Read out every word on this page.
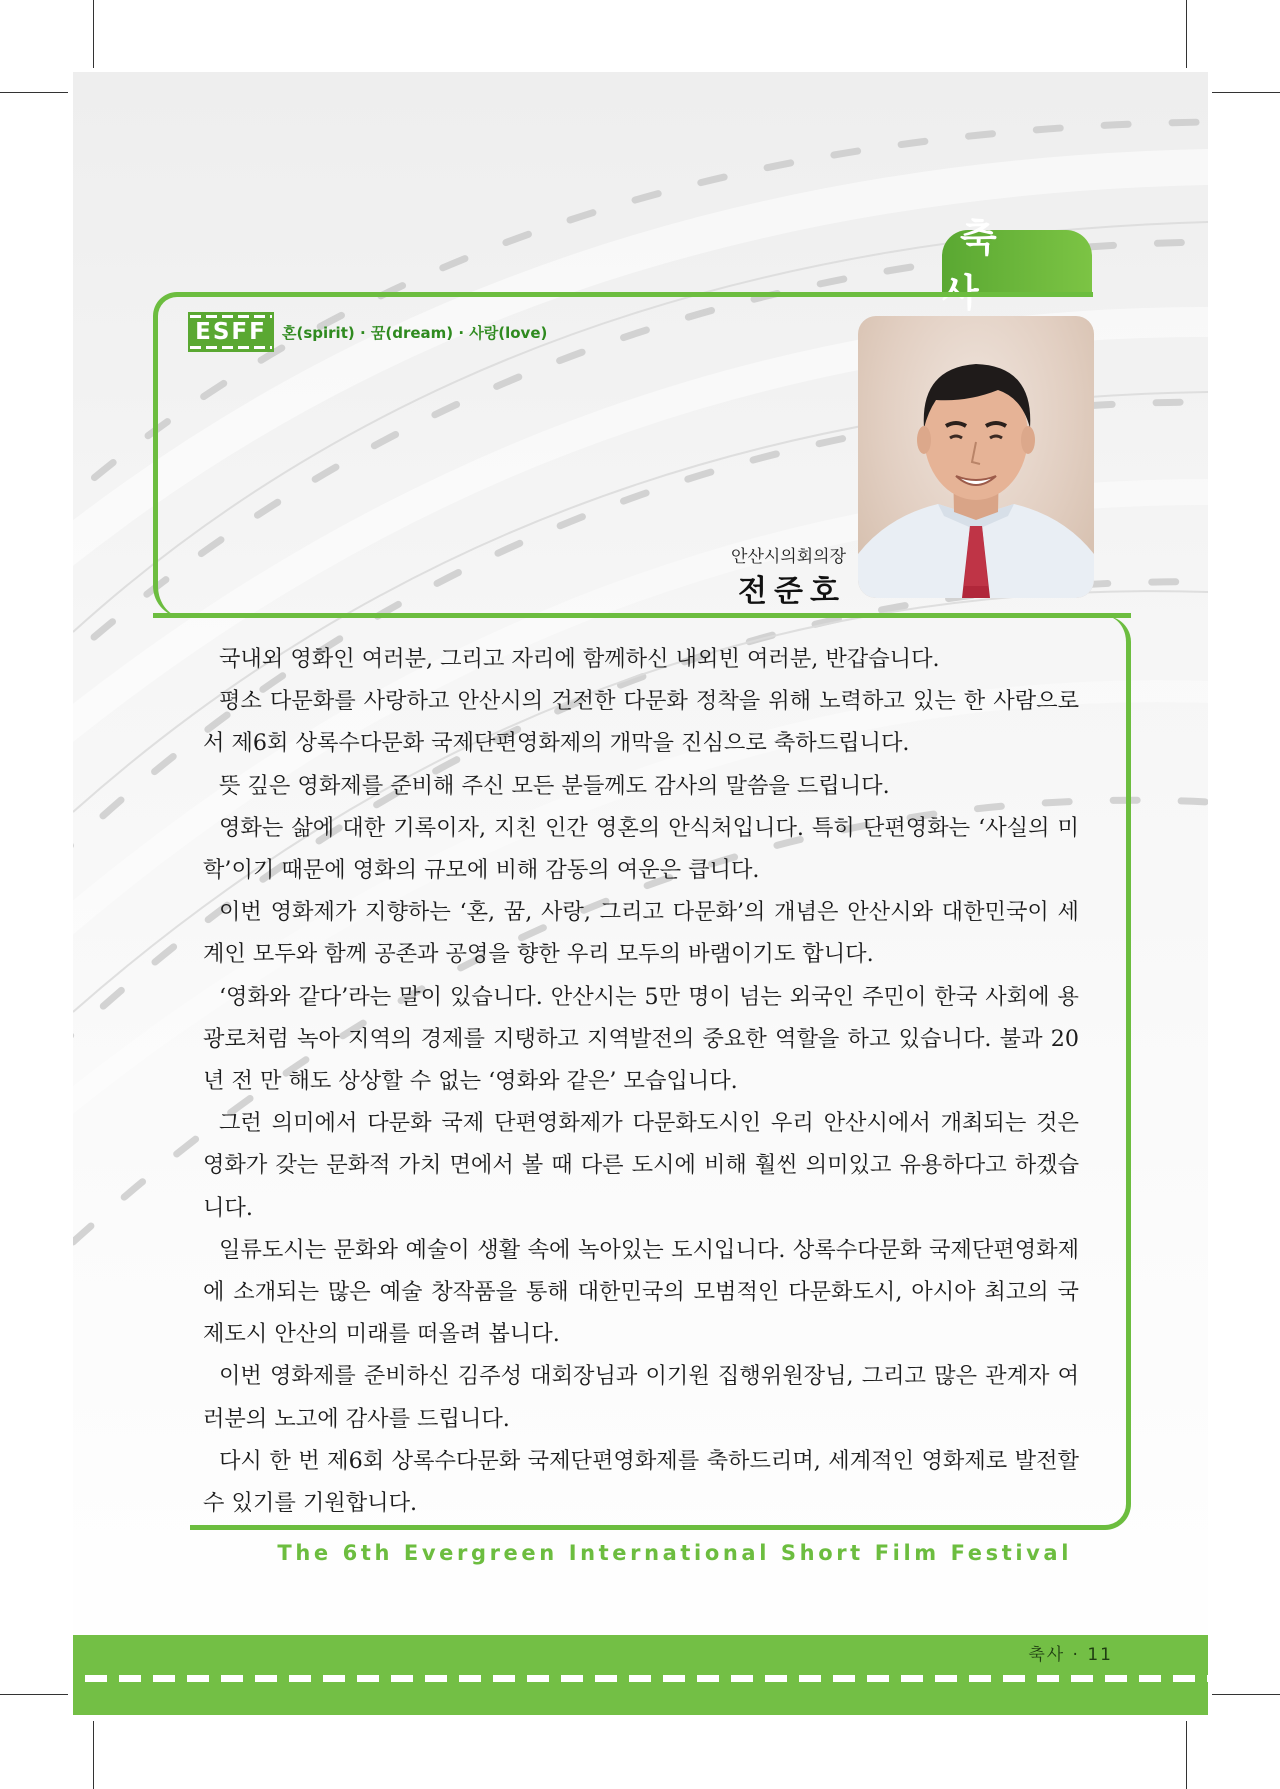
축사
ESFF	혼(spirit) · 꿈(dream) · 사랑(love)
안산시의회의장
전준호

국내외 영화인 여러분, 그리고 자리에 함께하신 내외빈 여러분, 반갑습니다.

평소 다문화를 사랑하고 안산시의 건전한 다문화 정착을 위해 노력하고 있는 한 사람으로서 제6회 상록수다문화 국제단편영화제의 개막을 진심으로 축하드립니다.

뜻 깊은 영화제를 준비해 주신 모든 분들께도 감사의 말씀을 드립니다.

영화는 삶에 대한 기록이자, 지친 인간 영혼의 안식처입니다. 특히 단편영화는 ‘사실의 미학’이기 때문에 영화의 규모에 비해 감동의 여운은 큽니다.

이번 영화제가 지향하는 ‘혼, 꿈, 사랑, 그리고 다문화’의 개념은 안산시와 대한민국이 세계인 모두와 함께 공존과 공영을 향한 우리 모두의 바램이기도 합니다.

‘영화와 같다’라는 말이 있습니다. 안산시는 5만 명이 넘는 외국인 주민이 한국 사회에 용광로처럼 녹아 지역의 경제를 지탱하고 지역발전의 중요한 역할을 하고 있습니다. 불과 20년 전 만 해도 상상할 수 없는 ‘영화와 같은’ 모습입니다.

그런 의미에서 다문화 국제 단편영화제가 다문화도시인 우리 안산시에서 개최되는 것은 영화가 갖는 문화적 가치 면에서 볼 때 다른 도시에 비해 훨씬 의미있고 유용하다고 하겠습니다.

일류도시는 문화와 예술이 생활 속에 녹아있는 도시입니다. 상록수다문화 국제단편영화제에 소개되는 많은 예술 창작품을 통해 대한민국의 모범적인 다문화도시, 아시아 최고의 국제도시 안산의 미래를 떠올려 봅니다.

이번 영화제를 준비하신 김주성 대회장님과 이기원 집행위원장님, 그리고 많은 관계자 여러분의 노고에 감사를 드립니다.

다시 한 번 제6회 상록수다문화 국제단편영화제를 축하드리며, 세계적인 영화제로 발전할 수 있기를 기원합니다.

The 6th Evergreen International Short Film Festival
축사 · 11
